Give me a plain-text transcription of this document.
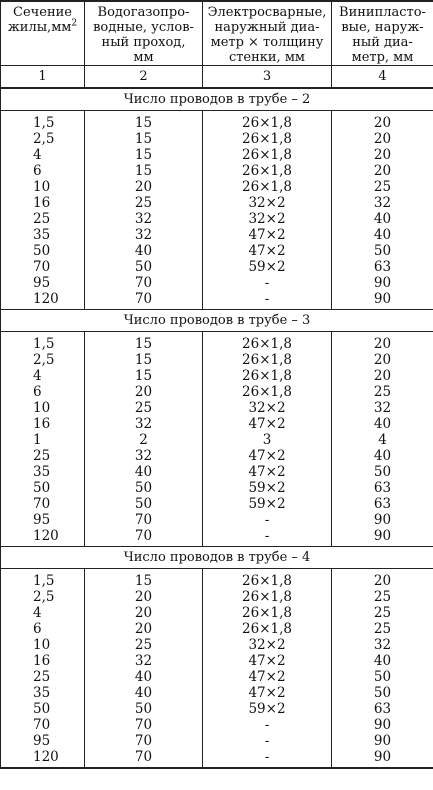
Сечение
$жилы,мм^2$	Водогазопро-
водные, услов-
ный проход,
мм	Электросварные,
наружный диа-
метр × толщину
стенки, мм	Винипласто-
вые, наруж-
ный диа-
метр, мм
1	2	3	4
Число проводов в трубе – 2			
1,5	15	26×1,8	20
2,5	15	26×1,8	20
4	15	26×1,8	20
6	15	26×1,8	20
10	20	26×1,8	25
16	25	32×2	32
25	32	32×2	40
35	32	47×2	40
50	40	47×2	50
70	50	59×2	63
95	70	-	90
120	70	-	90
Число проводов в трубе – 3			
1,5	15	26×1,8	20
2,5	15	26×1,8	20
4	15	26×1,8	20
6	20	26×1,8	25
10	25	32×2	32
16	32	47×2	40
1	2	3	4
25	32	47×2	40
35	40	47×2	50
50	50	59×2	63
70	50	59×2	63
95	70	-	90
120	70	-	90
Число проводов в трубе – 4			
1,5	15	26×1,8	20
2,5	20	26×1,8	25
4	20	26×1,8	25
6	20	26×1,8	25
10	25	32×2	32
16	32	47×2	40
25	40	47×2	50
35	40	47×2	50
50	50	59×2	63
70	70	-	90
95	70	-	90
120	70	-	90
